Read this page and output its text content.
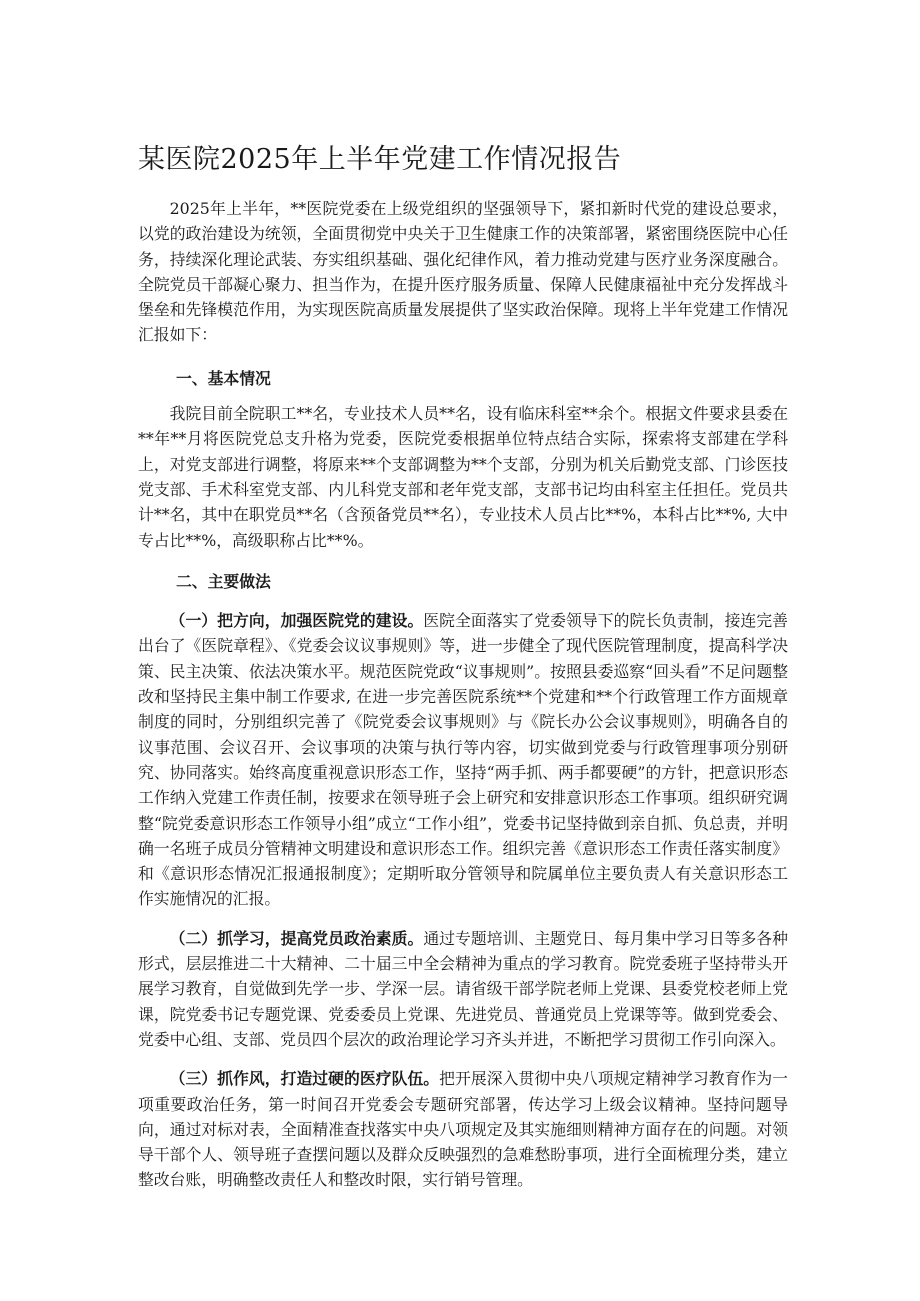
某医院2025年上半年党建工作情况报告

2025年上半年，**医院党委在上级党组织的坚强领导下，紧扣新时代党的建设总要求，以党的政治建设为统领，全面贯彻党中央关于卫生健康工作的决策部署，紧密围绕医院中心任务，持续深化理论武装、夯实组织基础、强化纪律作风，着力推动党建与医疗业务深度融合。全院党员干部凝心聚力、担当作为，在提升医疗服务质量、保障人民健康福祉中充分发挥战斗堡垒和先锋模范作用，为实现医院高质量发展提供了坚实政治保障。现将上半年党建工作情况汇报如下：

一、基本情况

我院目前全院职工**名，专业技术人员**名，设有临床科室**余个。根据文件要求县委在**年**月将医院党总支升格为党委，医院党委根据单位特点结合实际，探索将支部建在学科上，对党支部进行调整，将原来**个支部调整为**个支部，分别为机关后勤党支部、门诊医技党支部、手术科室党支部、内儿科党支部和老年党支部，支部书记均由科室主任担任。党员共计**名，其中在职党员**名（含预备党员**名），专业技术人员占比**%，本科占比**%, 大中专占比**%，高级职称占比**%。

二、主要做法

（一）把方向，加强医院党的建设。医院全面落实了党委领导下的院长负责制，接连完善出台了《医院章程》、《党委会议议事规则》等，进一步健全了现代医院管理制度，提高科学决策、民主决策、依法决策水平。规范医院党政“议事规则”。按照县委巡察“回头看”不足问题整改和坚持民主集中制工作要求, 在进一步完善医院系统**个党建和**个行政管理工作方面规章制度的同时，分别组织完善了《院党委会议事规则》与《院长办公会议事规则》，明确各自的议事范围、会议召开、会议事项的决策与执行等内容，切实做到党委与行政管理事项分别研究、协同落实。始终高度重视意识形态工作，坚持“两手抓、两手都要硬”的方针，把意识形态工作纳入党建工作责任制，按要求在领导班子会上研究和安排意识形态工作事项。组织研究调整“院党委意识形态工作领导小组”成立“工作小组”，党委书记坚持做到亲自抓、负总责，并明确一名班子成员分管精神文明建设和意识形态工作。组织完善《意识形态工作责任落实制度》和《意识形态情况汇报通报制度》；定期听取分管领导和院属单位主要负责人有关意识形态工作实施情况的汇报。

（二）抓学习，提高党员政治素质。通过专题培训、主题党日、每月集中学习日等多各种形式，层层推进二十大精神、二十届三中全会精神为重点的学习教育。院党委班子坚持带头开展学习教育，自觉做到先学一步、学深一层。请省级干部学院老师上党课、县委党校老师上党课，院党委书记专题党课、党委委员上党课、先进党员、普通党员上党课等等。做到党委会、党委中心组、支部、党员四个层次的政治理论学习齐头并进，不断把学习贯彻工作引向深入。

（三）抓作风，打造过硬的医疗队伍。把开展深入贯彻中央八项规定精神学习教育作为一项重要政治任务，第一时间召开党委会专题研究部署，传达学习上级会议精神。坚持问题导向，通过对标对表，全面精准查找落实中央八项规定及其实施细则精神方面存在的问题。对领导干部个人、领导班子查摆问题以及群众反映强烈的急难愁盼事项，进行全面梳理分类，建立整改台账，明确整改责任人和整改时限，实行销号管理。
